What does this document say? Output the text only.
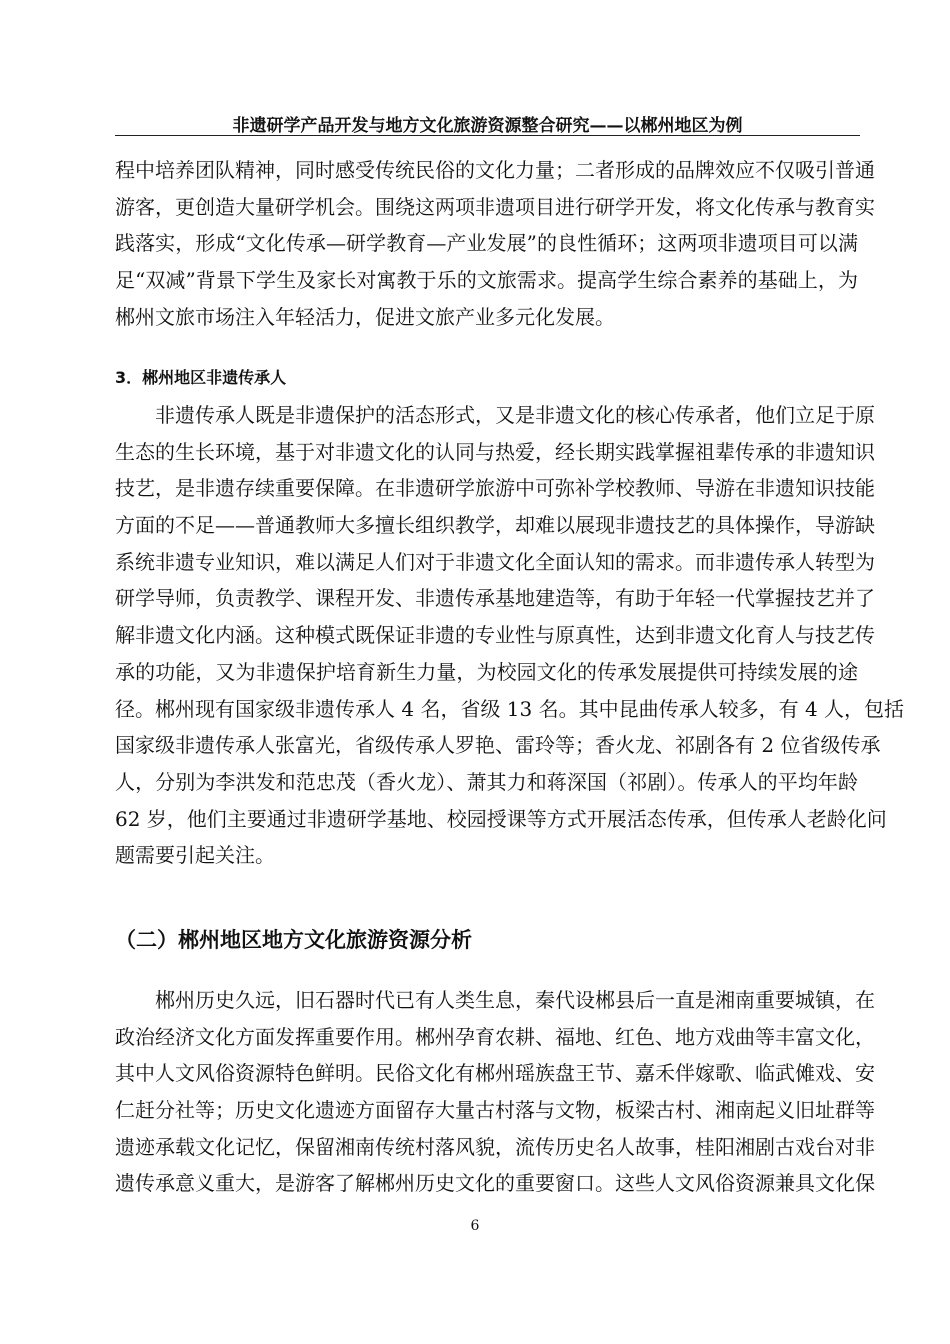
非遗研学产品开发与地方文化旅游资源整合研究——以郴州地区为例
程中培养团队精神，同时感受传统民俗的文化力量；二者形成的品牌效应不仅吸引普通
游客，更创造大量研学机会。围绕这两项非遗项目进行研学开发，将文化传承与教育实
践落实，形成“文化传承—研学教育—产业发展”的良性循环；这两项非遗项目可以满
足“双减”背景下学生及家长对寓教于乐的文旅需求。提高学生综合素养的基础上，为
郴州文旅市场注入年轻活力，促进文旅产业多元化发展。
3．郴州地区非遗传承人
　　非遗传承人既是非遗保护的活态形式，又是非遗文化的核心传承者，他们立足于原
生态的生长环境，基于对非遗文化的认同与热爱，经长期实践掌握祖辈传承的非遗知识
技艺，是非遗存续重要保障。在非遗研学旅游中可弥补学校教师、导游在非遗知识技能
方面的不足——普通教师大多擅长组织教学，却难以展现非遗技艺的具体操作，导游缺
系统非遗专业知识，难以满足人们对于非遗文化全面认知的需求。而非遗传承人转型为
研学导师，负责教学、课程开发、非遗传承基地建造等，有助于年轻一代掌握技艺并了
解非遗文化内涵。这种模式既保证非遗的专业性与原真性，达到非遗文化育人与技艺传
承的功能，又为非遗保护培育新生力量，为校园文化的传承发展提供可持续发展的途
径。郴州现有国家级非遗传承人 4 名，省级 13 名。其中昆曲传承人较多，有 4 人，包括
国家级非遗传承人张富光，省级传承人罗艳、雷玲等；香火龙、祁剧各有 2 位省级传承
人，分别为李洪发和范忠茂（香火龙）、萧其力和蒋深国（祁剧）。传承人的平均年龄
62 岁，他们主要通过非遗研学基地、校园授课等方式开展活态传承，但传承人老龄化问
题需要引起关注。
（二）郴州地区地方文化旅游资源分析
　　郴州历史久远，旧石器时代已有人类生息，秦代设郴县后一直是湘南重要城镇，在
政治经济文化方面发挥重要作用。郴州孕育农耕、福地、红色、地方戏曲等丰富文化，
其中人文风俗资源特色鲜明。民俗文化有郴州瑶族盘王节、嘉禾伴嫁歌、临武傩戏、安
仁赶分社等；历史文化遗迹方面留存大量古村落与文物，板梁古村、湘南起义旧址群等
遗迹承载文化记忆，保留湘南传统村落风貌，流传历史名人故事，桂阳湘剧古戏台对非
遗传承意义重大，是游客了解郴州历史文化的重要窗口。这些人文风俗资源兼具文化保
6
